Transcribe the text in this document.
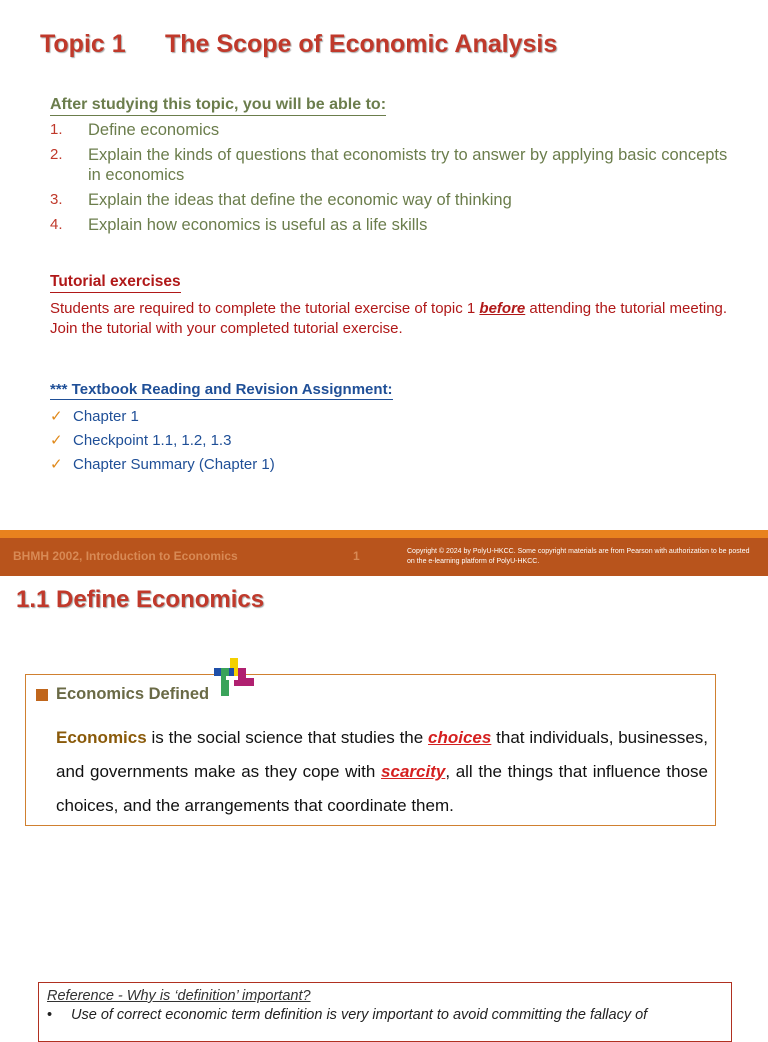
Topic 1 The Scope of Economic Analysis
After studying this topic, you will be able to:
1.	Define economics
2.	Explain the kinds of questions that economists try to answer by applying basic concepts in economics
3.	Explain the ideas that define the economic way of thinking
4.	Explain how economics is useful as a life skills
Tutorial exercises
Students are required to complete the tutorial exercise of topic 1 before attending the tutorial meeting. Join the tutorial with your completed tutorial exercise.
*** Textbook Reading and Revision Assignment:
✓ Chapter 1
✓ Checkpoint 1.1, 1.2, 1.3
✓ Chapter Summary (Chapter 1)
BHMH 2002, Introduction to Economics	1	Copyright © 2024 by PolyU-HKCC. Some copyright materials are from Pearson with authorization to be posted on the e-learning platform of PolyU-HKCC.
1.1 Define Economics
Economics Defined
Economics is the social science that studies the choices that individuals, businesses, and governments make as they cope with scarcity, all the things that influence those choices, and the arrangements that coordinate them.
Reference - Why is ‘definition’ important?
•	Use of correct economic term definition is very important to avoid committing the fallacy of
